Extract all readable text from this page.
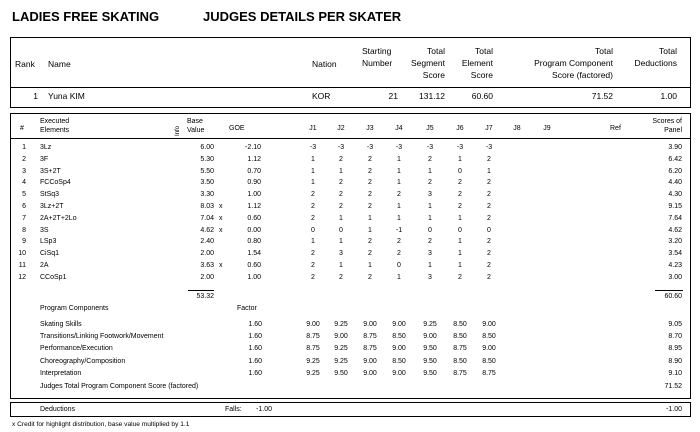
LADIES FREE SKATING	JUDGES DETAILS PER SKATER
Rank Name	Nation
Starting
Number
Total
Segment
Score
Total
Element
Score
Total
Program Component
Score (factored)
Total
Deductions
1 Yuna KIM	KOR	21	131.12	60.60	71.52	1.00
#
Executed
Elements	Info
Base
Value	GOE	J1	J2	J3	J4	J5	J6	J7	J8	J9	Ref
Scores of
Panel
1 3Lz	6.00	-2.10	-3	-3	-3	-3	-3	-3	-3	3.90
2 3F	5.30	1.12	1	2	2	1	2	1	2	6.42
3 3S+2T	5.50	0.70	1	1	2	1	1	0	1	6.20
4 FCCoSp4	3.50	0.90	1	2	2	1	2	2	2	4.40
5 StSq3	3.30	1.00	2	2	2	2	3	2	2	4.30
6 3Lz+2T	8.03 x	1.12	2	2	2	1	1	2	2	9.15
7 2A+2T+2Lo	7.04 x	0.60	2	1	1	1	1	1	2	7.64
8 3S	4.62 x	0.00	0	0	1	-1	0	0	0	4.62
9 LSp3	2.40	0.80	1	1	2	2	2	1	2	3.20
10 CiSq1	2.00	1.54	2	3	2	2	3	1	2	3.54
11 2A	3.63 x	0.60	2	1	1	0	1	1	2	4.23
12 CCoSp1	2.00	1.00	2	2	2	1	3	2	2	3.00
53.32	60.60
Program Components	Factor
Skating Skills	1.60	9.00	9.25	9.00	9.00	9.25	8.50	9.00	9.05
Transitions/Linking Footwork/Movement	1.60	8.75	9.00	8.75	8.50	9.00	8.50	8.50	8.70
Performance/Execution	1.60	8.75	9.25	8.75	9.00	9.50	8.75	9.00	8.95
Choreography/Composition	1.60	9.25	9.25	9.00	8.50	9.50	8.50	8.50	8.90
Interpretation	1.60	9.25	9.50	9.00	9.00	9.50	8.75	8.75	9.10
Judges Total Program Component Score (factored)	71.52
Deductions	Falls:	-1.00	-1.00
x Credit for highlight distribution, base value multiplied by 1.1
